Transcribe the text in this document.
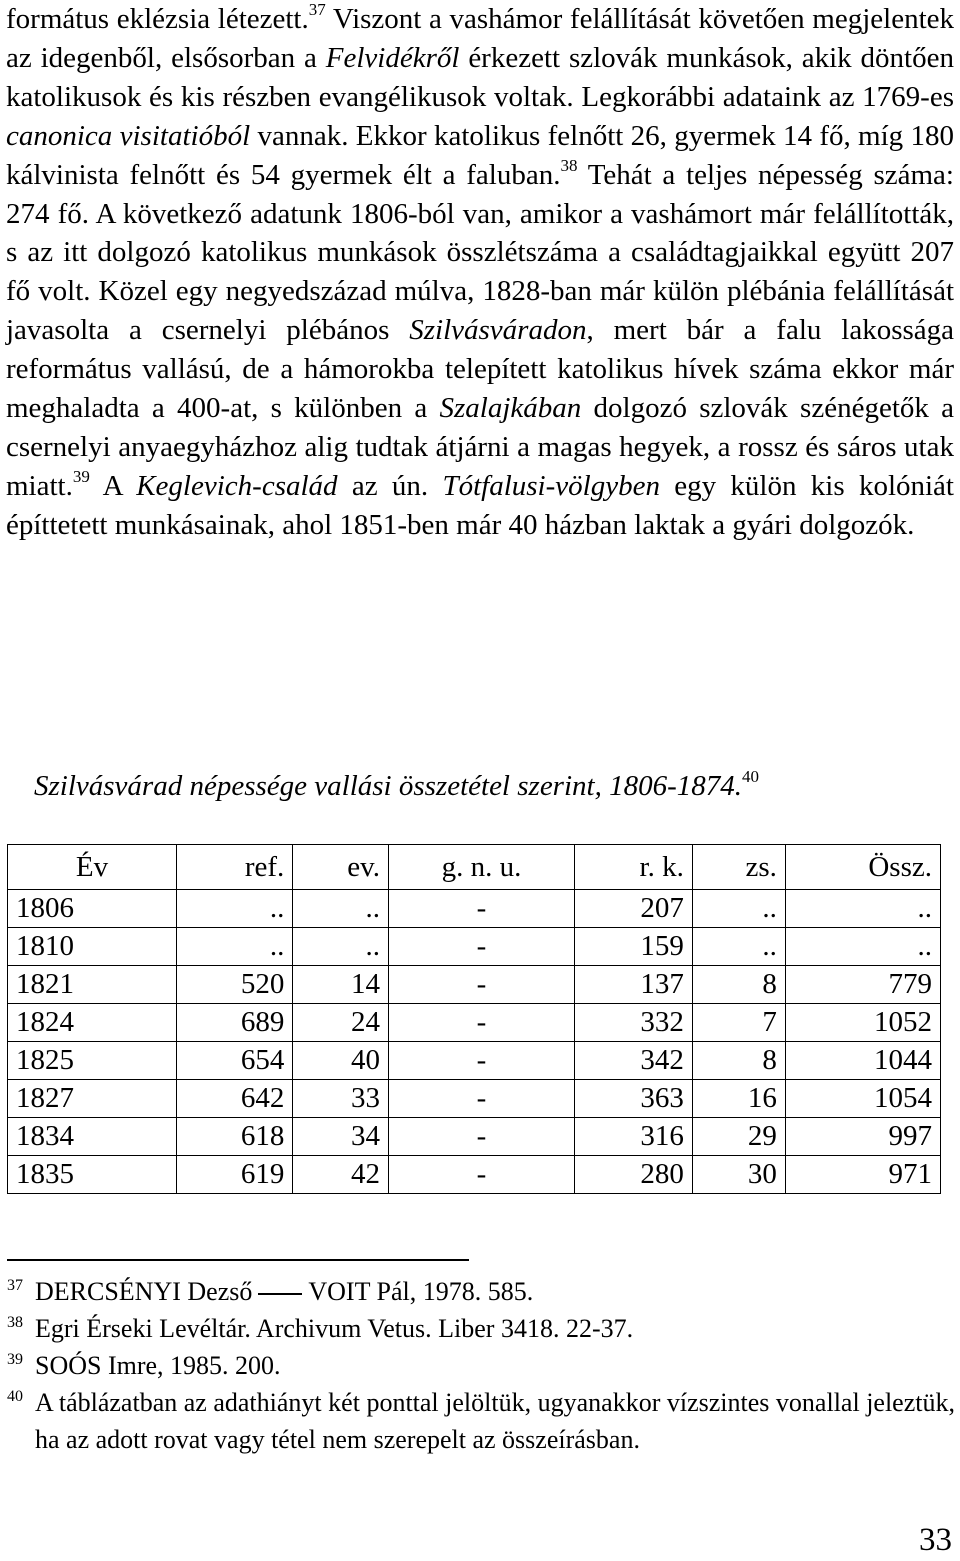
formátus eklézsia létezett.$^{37}$ Viszont a vashámor felállítását követően megjelentek az idegenből, elsősorban a Felvidékről érkezett szlovák munkások, akik döntően katolikusok és kis részben evangélikusok voltak. Legkorábbi adataink az 1769-es canonica visitatióból vannak. Ekkor katolikus felnőtt 26, gyermek 14 fő, míg 180 kálvinista felnőtt és 54 gyermek élt a faluban.$^{38}$ Tehát a teljes népesség száma: 274 fő. A következő adatunk 1806-ból van, amikor a vashámort már felállították, s az itt dolgozó katolikus munkások összlétszáma a családtagjaikkal együtt 207 fő volt. Közel egy negyedszázad múlva, 1828-ban már külön plébánia felállítását javasolta a csernelyi plébános Szilvásváradon, mert bár a falu lakossága református vallású, de a hámorokba telepített katolikus hívek száma ekkor már meghaladta a 400-at, s különben a Szalajkában dolgozó szlovák szénégetők a csernelyi anyaegyházhoz alig tudtak átjárni a magas hegyek, a rossz és sáros utak miatt.$^{39}$ A Keglevich-család az ún. Tótfalusi-völgyben egy külön kis kolóniát építtetett munkásainak, ahol 1851-ben már 40 házban laktak a gyári dolgozók.
Szilvásvárad népessége vallási összetétel szerint, 1806-1874.40
Év	ref.	ev.	g. n. u.	r. k.	zs.	Össz.
1806	..	..	-	207	..	..
1810	..	..	-	159	..	..
1821	520	14	-	137	8	779
1824	689	24	-	332	7	1052
1825	654	40	-	342	8	1044
1827	642	33	-	363	16	1054
1834	618	34	-	316	29	997
1835	619	42	-	280	30	971
37 DERCSÉNYI Dezső VOIT Pál, 1978. 585.
38 Egri Érseki Levéltár. Archivum Vetus. Liber 3418. 22-37.
39 SOÓS Imre, 1985. 200.
40 A táblázatban az adathiányt két ponttal jelöltük, ugyanakkor vízszintes vonallal jeleztük, ha az adott rovat vagy tétel nem szerepelt az összeírásban.
33
